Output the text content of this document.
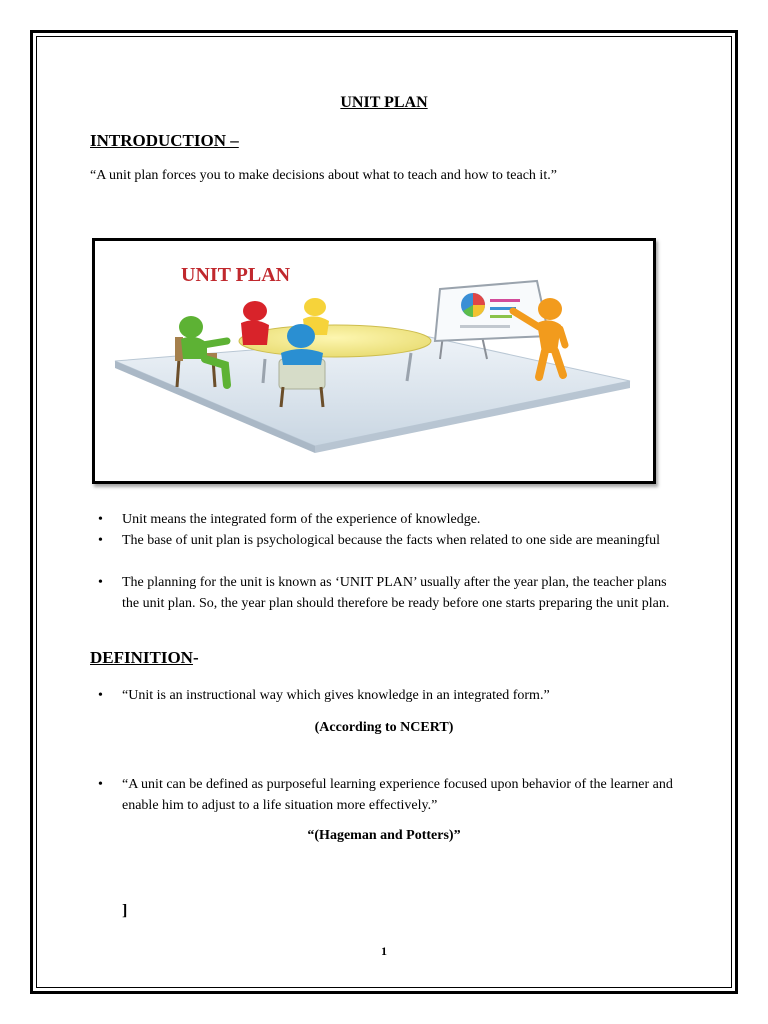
UNIT PLAN
INTRODUCTION –
“A unit plan forces you to make decisions about what to teach and how to teach it.”
UNIT PLAN
• Unit means the integrated form of the experience of knowledge.
• The base of unit plan is psychological because the facts when related to one side are meaningful
• The planning for the unit is known as ‘UNIT PLAN’ usually after the year plan, the teacher plans the unit plan. So, the year plan should therefore be ready before one starts preparing the unit plan.
DEFINITION-
• “Unit is an instructional way which gives knowledge in an integrated form.”
(According to NCERT)
• “A unit can be defined as purposeful learning experience focused upon behavior of the learner and enable him to adjust to a life situation more effectively.”
“(Hageman and Potters)”
]
1
